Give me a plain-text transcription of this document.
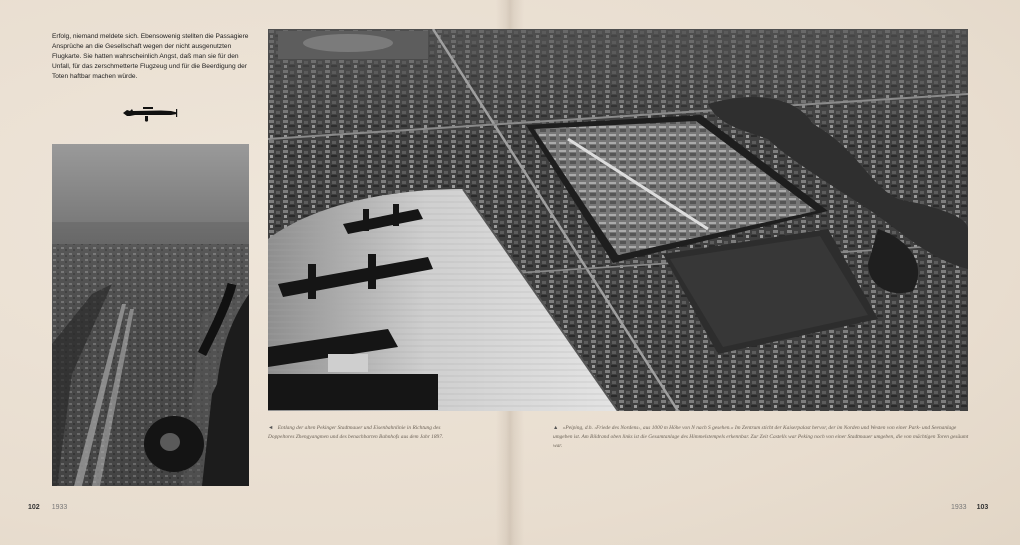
Erfolg, niemand meldete sich. Ebensowenig stellten die Passagiere Ansprüche an die Gesellschaft wegen der nicht ausgenutzten Flugkarte. Sie hatten wahrscheinlich Angst, daß man sie für den Unfall, für das zerschmetterte Flugzeug und für die Beerdigung der Toten haftbar machen würde.
◄ Entlang der alten Pekinger Stadtmauer und Eisenbahnlinie in Richtung des Doppeltores Zhengyangmen und des benachbarten Bahnhofs aus dem Jahr 1897.
▲ »Peiping, d.h. ›Friede des Nordens‹, aus 1000 m Höhe von N nach S gesehen.« Im Zentrum sticht der Kaiserpalast hervor, der im Norden und Westen von einer Park- und Seenanlage umgeben ist. Am Bildrand oben links ist die Gesamtanlage des Himmelstempels erkennbar. Zur Zeit Castells war Peking noch von einer Stadtmauer umgeben, die von mächtigen Toren gesäumt war.
102 1933	1933 103
